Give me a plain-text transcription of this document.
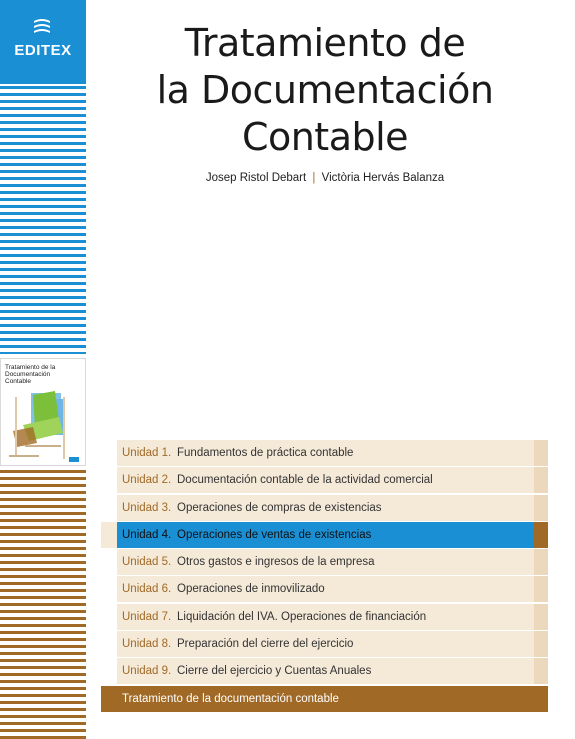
EDITEX
Tratamiento de la Documentación Contable
Tratamiento de
la Documentación
Contable
Josep Ristol Debart | Victòria Hervás Balanza
Unidad 1. Fundamentos de práctica contable
Unidad 2. Documentación contable de la actividad comercial
Unidad 3. Operaciones de compras de existencias
Unidad 4. Operaciones de ventas de existencias
Unidad 5. Otros gastos e ingresos de la empresa
Unidad 6. Operaciones de inmovilizado
Unidad 7. Liquidación del IVA. Operaciones de financiación
Unidad 8. Preparación del cierre del ejercicio
Unidad 9. Cierre del ejercicio y Cuentas Anuales
Tratamiento de la documentación contable
